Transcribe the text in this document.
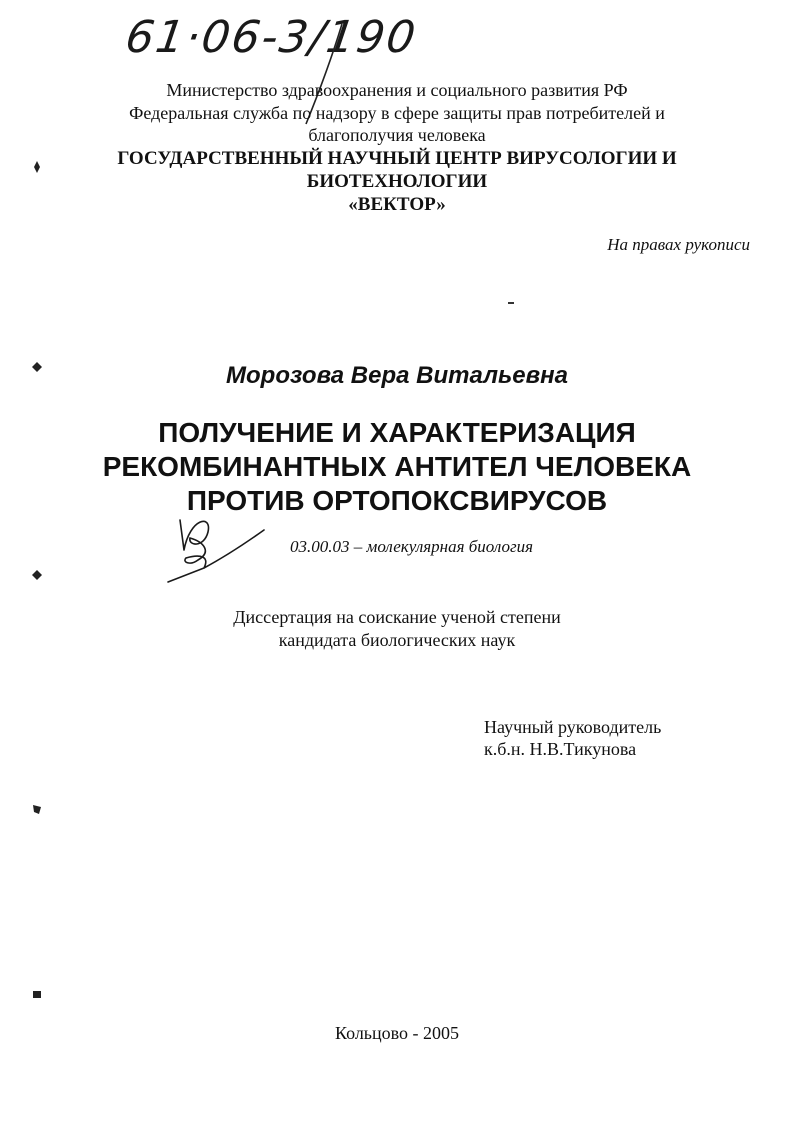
61·06-3/190
Министерство здравоохранения и социального развития РФ
Федеральная служба по надзору в сфере защиты прав потребителей и
благополучия человека
ГОСУДАРСТВЕННЫЙ НАУЧНЫЙ ЦЕНТР ВИРУСОЛОГИИ И
БИОТЕХНОЛОГИИ
«ВЕКТОР»
На правах рукописи
Морозова Вера Витальевна
ПОЛУЧЕНИЕ И ХАРАКТЕРИЗАЦИЯ
РЕКОМБИНАНТНЫХ АНТИТЕЛ ЧЕЛОВЕКА
ПРОТИВ ОРТОПОКСВИРУСОВ
03.00.03 – молекулярная биология
Диссертация на соискание ученой степени
кандидата биологических наук
Научный руководитель
к.б.н. Н.В.Тикунова
Кольцово - 2005
